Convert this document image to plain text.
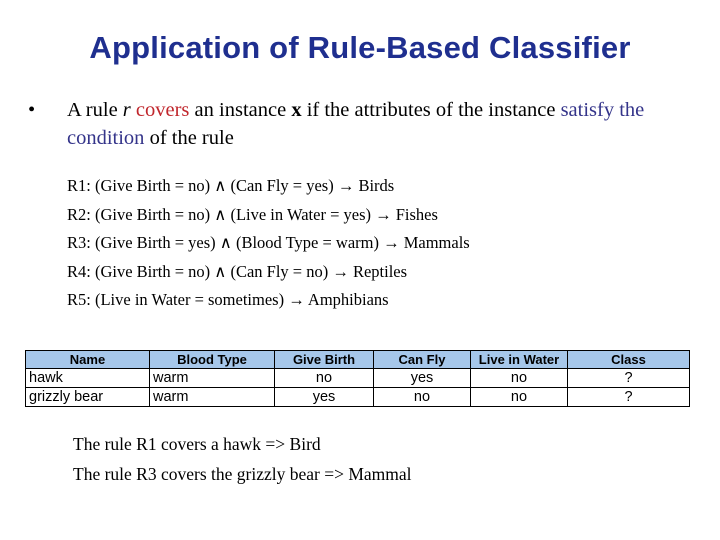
Application of Rule-Based Classifier
• A rule r covers an instance x if the attributes of the instance satisfy the condition of the rule
R1: (Give Birth = no) ∧ (Can Fly = yes) → Birds
R2: (Give Birth = no) ∧ (Live in Water = yes) → Fishes
R3: (Give Birth = yes) ∧ (Blood Type = warm) → Mammals
R4: (Give Birth = no) ∧ (Can Fly = no) → Reptiles
R5: (Live in Water = sometimes) → Amphibians
Name	Blood Type	Give Birth	Can Fly	Live in Water	Class
hawk	warm	no	yes	no	?
grizzly bear	warm	yes	no	no	?
The rule R1 covers a hawk => Bird
The rule R3 covers the grizzly bear => Mammal
